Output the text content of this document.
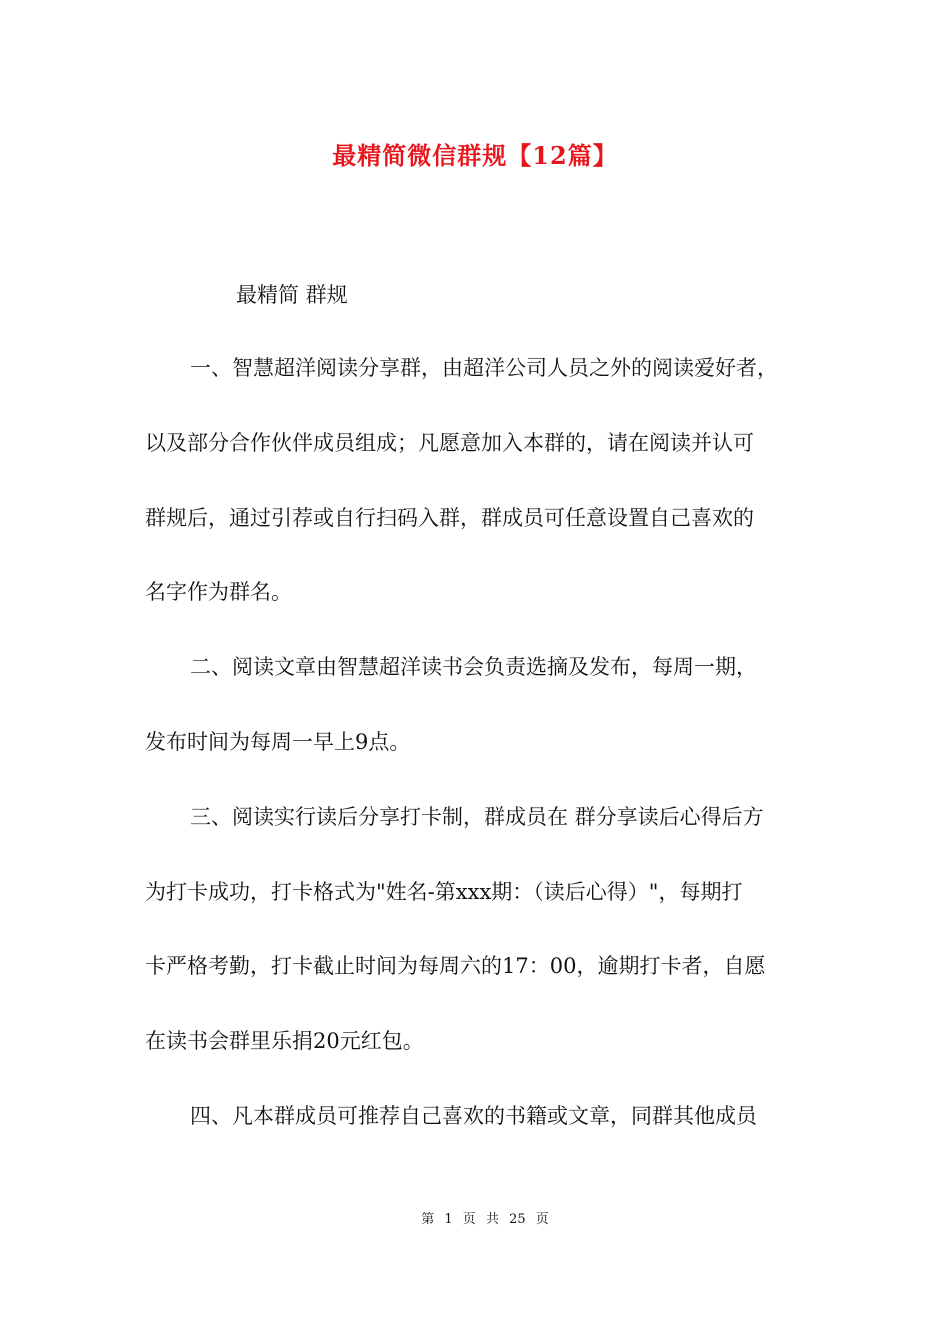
最精简微信群规【12篇】
最精简 群规
一、智慧超洋阅读分享群，由超洋公司人员之外的阅读爱好者，
以及部分合作伙伴成员组成；凡愿意加入本群的，请在阅读并认可
群规后，通过引荐或自行扫码入群，群成员可任意设置自己喜欢的
名字作为群名。
二、阅读文章由智慧超洋读书会负责选摘及发布，每周一期，
发布时间为每周一早上9点。
三、阅读实行读后分享打卡制，群成员在 群分享读后心得后方
为打卡成功，打卡格式为"姓名-第xxx期：（读后心得）"，每期打
卡严格考勤，打卡截止时间为每周六的17：00，逾期打卡者，自愿
在读书会群里乐捐20元红包。
四、凡本群成员可推荐自己喜欢的书籍或文章，同群其他成员
第 1 页 共 25 页
